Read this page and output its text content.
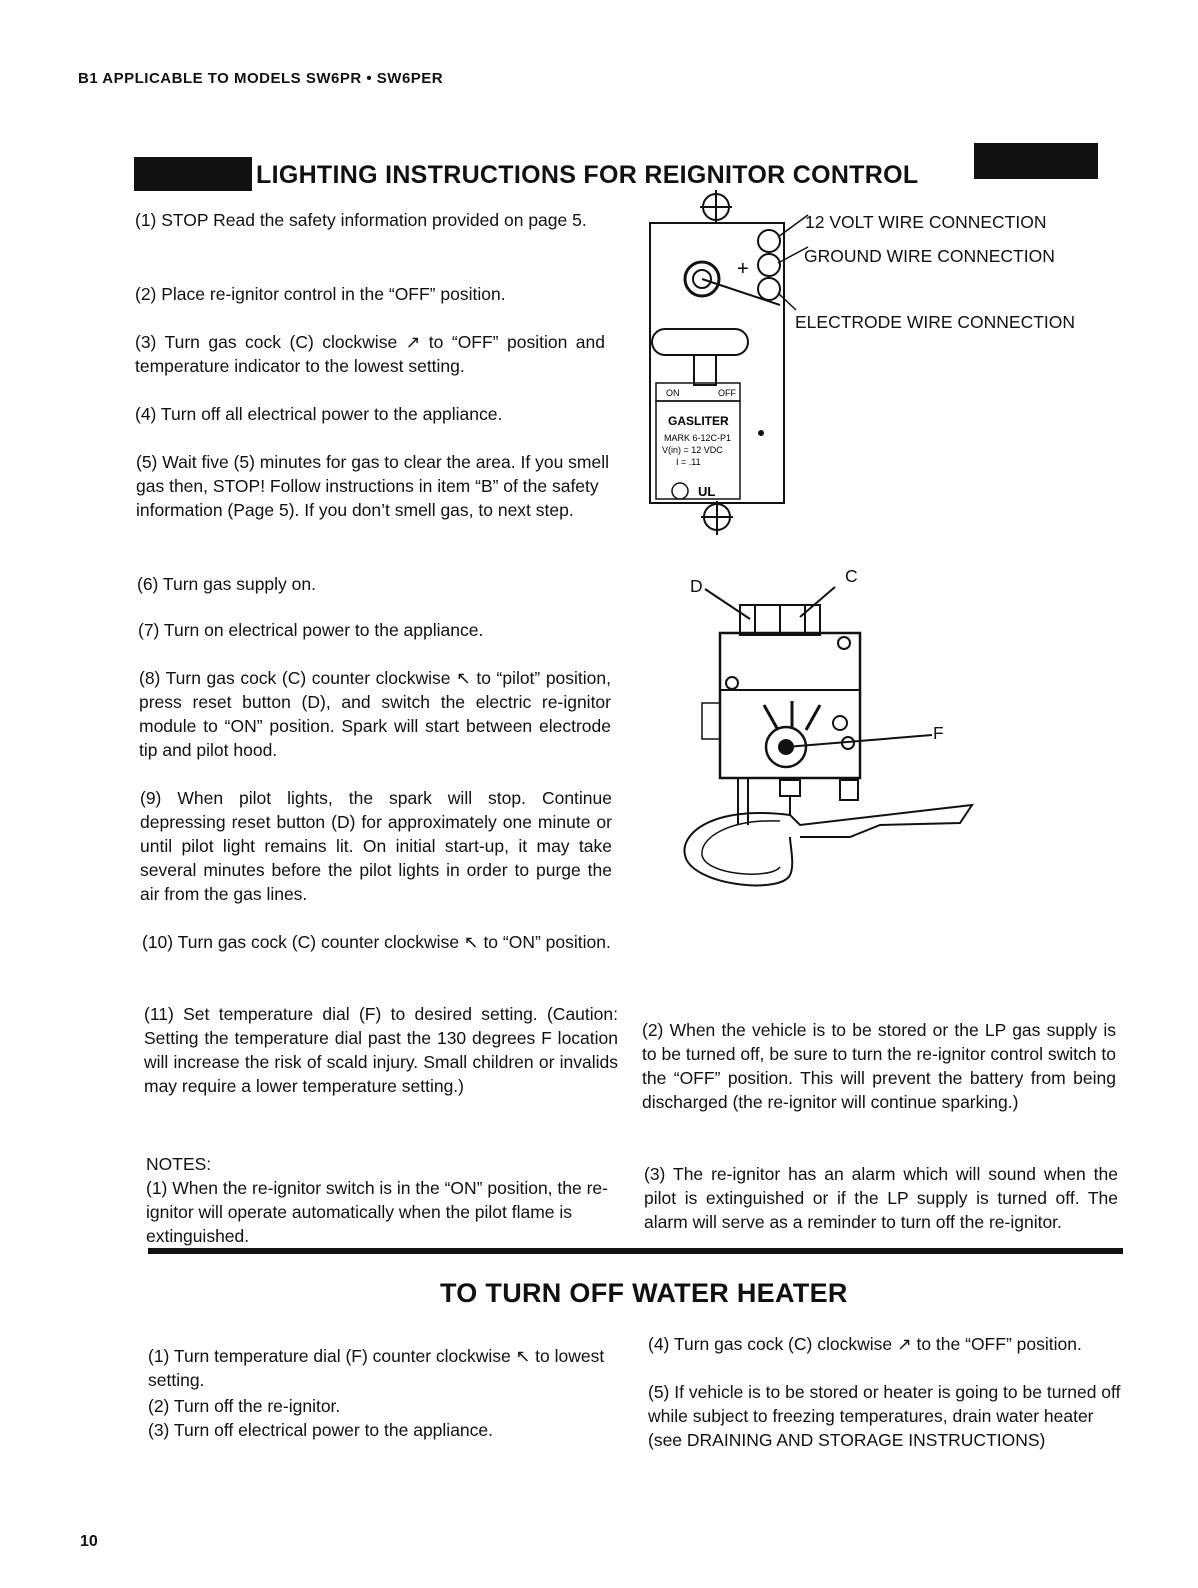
B1 APPLICABLE TO MODELS SW6PR • SW6PER
LIGHTING INSTRUCTIONS FOR REIGNITOR CONTROL
(1) STOP Read the safety information provided on page 5.
(2) Place re-ignitor control in the “OFF” position.
(3) Turn gas cock (C) clockwise ↗ to “OFF” position and temperature indicator to the lowest setting.
(4) Turn off all electrical power to the appliance.
(5) Wait five (5) minutes for gas to clear the area. If you smell gas then, STOP! Follow instructions in item “B” of the safety information (Page 5). If you don’t smell gas, to next step.
(6) Turn gas supply on.
(7) Turn on electrical power to the appliance.
(8) Turn gas cock (C) counter clockwise ↖ to “pilot” position, press reset button (D), and switch the electric re-ignitor module to “ON” position. Spark will start between electrode tip and pilot hood.
(9) When pilot lights, the spark will stop. Continue depressing reset button (D) for approximately one minute or until pilot light remains lit. On initial start-up, it may take several minutes before the pilot lights in order to purge the air from the gas lines.
(10) Turn gas cock (C) counter clockwise ↖ to “ON” position.
(11) Set temperature dial (F) to desired setting. (Caution: Setting the temperature dial past the 130 degrees F location will increase the risk of scald injury. Small children or invalids may require a lower temperature setting.)
NOTES:
(1) When the re-ignitor switch is in the “ON” position, the re-ignitor will operate automatically when the pilot flame is extinguished.
(2) When the vehicle is to be stored or the LP gas supply is to be turned off, be sure to turn the re-ignitor control switch to the “OFF” position. This will prevent the battery from being discharged (the re-ignitor will continue sparking.)
(3) The re-ignitor has an alarm which will sound when the pilot is extinguished or if the LP supply is turned off. The alarm will serve as a reminder to turn off the re-ignitor.
12 VOLT WIRE CONNECTION
GROUND WIRE CONNECTION
ELECTRODE WIRE CONNECTION
D	C
F
+
ON	OFF
GASLITER
MARK 6-12C-P1
V(in) = 12 VDC
I = .11
UL
TO TURN OFF WATER HEATER
(1) Turn temperature dial (F) counter clockwise ↖ to lowest setting.
(2) Turn off the re-ignitor.
(3) Turn off electrical power to the appliance.
(4) Turn gas cock (C) clockwise ↗ to the “OFF” position.
(5) If vehicle is to be stored or heater is going to be turned off while subject to freezing temperatures, drain water heater (see DRAINING AND STORAGE INSTRUCTIONS)
10
